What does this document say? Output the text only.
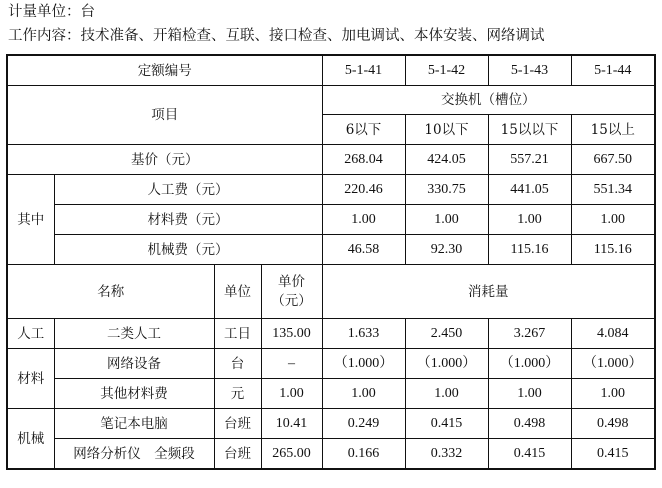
计量单位：台
工作内容：技术准备、开箱检查、互联、接口检查、加电调试、本体安装、网络调试
定额编号				5-1-41	5-1-42	5-1-43	5-1-44
项目				交换机（槽位）			
				6以下	10以下	15以以下	15以上
基价（元）				268.04	424.05	557.21	667.50
其中	人工费（元）			220.46	330.75	441.05	551.34
	材料费（元）			1.00	1.00	1.00	1.00
	机械费（元）			46.58	92.30	115.16	115.16
名称		单位	单价（元）	消耗量			
人工	二类人工	工日	135.00	1.633	2.450	3.267	4.084
材料	网络设备	台	–	（1.000）	（1.000）	（1.000）	（1.000）
	其他材料费	元	1.00	1.00	1.00	1.00	1.00
机械	笔记本电脑	台班	10.41	0.249	0.415	0.498	0.498
	网络分析仪　全频段	台班	265.00	0.166	0.332	0.415	0.415
